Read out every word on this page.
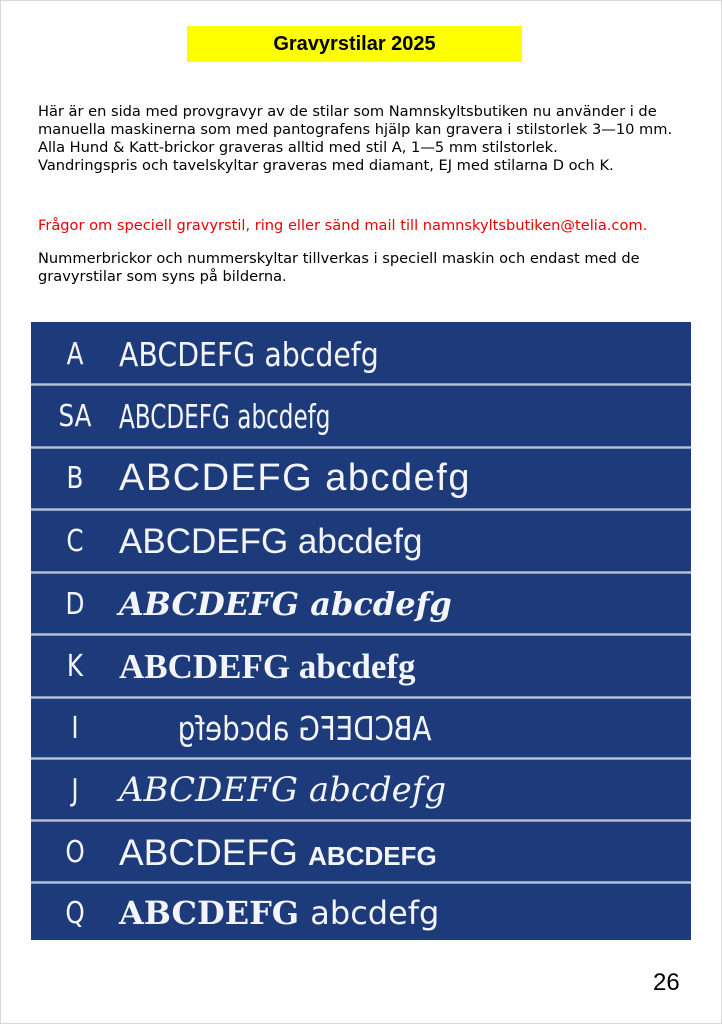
Gravyrstilar 2025

Här är en sida med provgravyr av de stilar som Namnskyltsbutiken nu använder i de manuella maskinerna som med pantografens hjälp kan gravera i stilstorlek 3—10 mm.

Alla Hund & Katt-brickor graveras alltid med stil A, 1—5 mm stilstorlek.

Vandringspris och tavelskyltar graveras med diamant, EJ med stilarna D och K.

Frågor om speciell gravyrstil, ring eller sänd mail till namnskyltsbutiken@telia.com.

Nummerbrickor och nummerskyltar tillverkas i speciell maskin och endast med de gravyrstilar som syns på bilderna.

A	ABCDEFG abcdefg
SA ABCDEFG abcdefg
B ABCDEFG abcdefg
C	ABCDEFG abcdefg
D	ABCDEFG abcdefg
K	ABCDEFG abcdefg
I	ABCDEFG abcdefg
J	ABCDEFG abcdefg
O ABCDEFG ABCDEFG
Q	ABCDEFG abcdefg
26
